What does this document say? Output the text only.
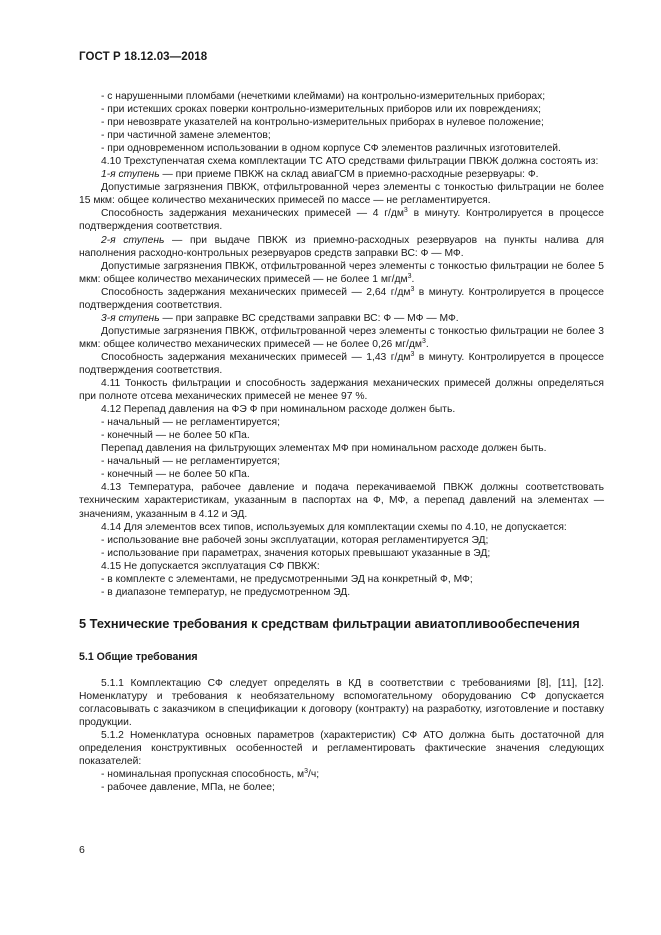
ГОСТ Р 18.12.03—2018

- с нарушенными пломбами (нечеткими клеймами) на контрольно-измерительных приборах;

- при истекших сроках поверки контрольно-измерительных приборов или их повреждениях;

- при невозврате указателей на контрольно-измерительных приборах в нулевое положение;

- при частичной замене элементов;

- при одновременном использовании в одном корпусе СФ элементов различных изготовителей.

4.10 Трехступенчатая схема комплектации ТС АТО средствами фильтрации ПВКЖ должна состоять из:

1-я ступень — при приеме ПВКЖ на склад авиаГСМ в приемно-расходные резервуары: Ф.

Допустимые загрязнения ПВКЖ, отфильтрованной через элементы с тонкостью фильтрации не более 15 мкм: общее количество механических примесей по массе — не регламентируется.

Способность задержания механических примесей — 4 $г/дм^3$ в минуту. Контролируется в процессе подтверждения соответствия.

2-я ступень — при выдаче ПВКЖ из приемно-расходных резервуаров на пункты налива для наполнения расходно-контрольных резервуаров средств заправки ВС: Ф — МФ.

Допустимые загрязнения ПВКЖ, отфильтрованной через элементы с тонкостью фильтрации не более 5 мкм: общее количество механических примесей — не более 1 $мг/дм^3$.

Способность задержания механических примесей — 2,64 $г/дм^3$ в минуту. Контролируется в процессе подтверждения соответствия.

3-я ступень — при заправке ВС средствами заправки ВС: Ф — МФ — МФ.

Допустимые загрязнения ПВКЖ, отфильтрованной через элементы с тонкостью фильтрации не более 3 мкм: общее количество механических примесей — не более 0,26 $мг/дм^3$.

Способность задержания механических примесей — 1,43 $г/дм^3$ в минуту. Контролируется в процессе подтверждения соответствия.

4.11 Тонкость фильтрации и способность задержания механических примесей должны определяться при полноте отсева механических примесей не менее 97 %.

4.12 Перепад давления на ФЭ Ф при номинальном расходе должен быть.

- начальный — не регламентируется;

- конечный — не более 50 кПа.

Перепад давления на фильтрующих элементах МФ при номинальном расходе должен быть.

- начальный — не регламентируется;

- конечный — не более 50 кПа.

4.13 Температура, рабочее давление и подача перекачиваемой ПВКЖ должны соответствовать техническим характеристикам, указанным в паспортах на Ф, МФ, а перепад давлений на элементах — значениям, указанным в 4.12 и ЭД.

4.14 Для элементов всех типов, используемых для комплектации схемы по 4.10, не допускается:

- использование вне рабочей зоны эксплуатации, которая регламентируется ЭД;

- использование при параметрах, значения которых превышают указанные в ЭД;

4.15 Не допускается эксплуатация СФ ПВКЖ:

- в комплекте с элементами, не предусмотренными ЭД на конкретный Ф, МФ;

- в диапазоне температур, не предусмотренном ЭД.

5 Технические требования к средствам фильтрации авиатопливообеспечения
5.1 Общие требования

5.1.1 Комплектацию СФ следует определять в КД в соответствии с требованиями [8], [11], [12]. Номенклатуру и требования к необязательному вспомогательному оборудованию СФ допускается согласовывать с заказчиком в спецификации к договору (контракту) на разработку, изготовление и поставку продукции.

5.1.2 Номенклатура основных параметров (характеристик) СФ АТО должна быть достаточной для определения конструктивных особенностей и регламентировать фактические значения следующих показателей:

- номинальная пропускная способность, $м^3/ч$;

- рабочее давление, МПа, не более;

6
